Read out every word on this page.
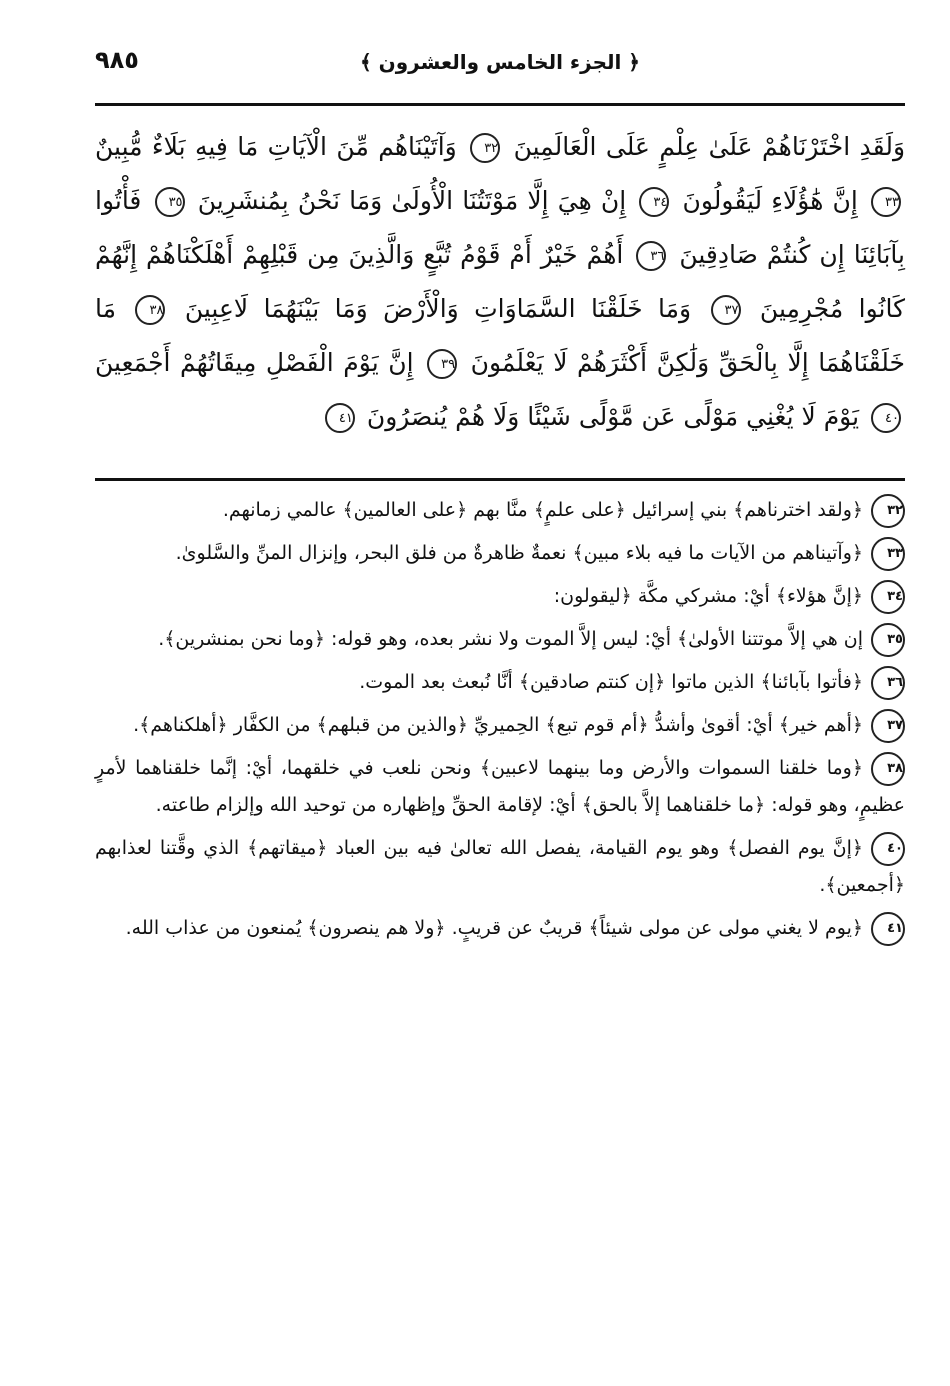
﴿ الجزء الخامس والعشرون ﴾
٩٨٥
وَلَقَدِ اخْتَرْنَاهُمْ عَلَىٰ عِلْمٍ عَلَى الْعَالَمِينَ ٣٢ وَآتَيْنَاهُم مِّنَ الْآيَاتِ مَا فِيهِ بَلَاءٌ مُّبِينٌ ٣٣ إِنَّ هَٰؤُلَاءِ لَيَقُولُونَ ٣٤ إِنْ هِيَ إِلَّا مَوْتَتُنَا الْأُولَىٰ وَمَا نَحْنُ بِمُنشَرِينَ ٣٥ فَأْتُوا بِآبَائِنَا إِن كُنتُمْ صَادِقِينَ ٣٦ أَهُمْ خَيْرٌ أَمْ قَوْمُ تُبَّعٍ وَالَّذِينَ مِن قَبْلِهِمْ أَهْلَكْنَاهُمْ إِنَّهُمْ كَانُوا مُجْرِمِينَ ٣٧ وَمَا خَلَقْنَا السَّمَاوَاتِ وَالْأَرْضَ وَمَا بَيْنَهُمَا لَاعِبِينَ ٣٨ مَا خَلَقْنَاهُمَا إِلَّا بِالْحَقِّ وَلَٰكِنَّ أَكْثَرَهُمْ لَا يَعْلَمُونَ ٣٩ إِنَّ يَوْمَ الْفَصْلِ مِيقَاتُهُمْ أَجْمَعِينَ ٤٠ يَوْمَ لَا يُغْنِي مَوْلًى عَن مَّوْلًى شَيْئًا وَلَا هُمْ يُنصَرُونَ ٤١

٣٢﴿ولقد اخترناهم﴾ بني إسرائيل ﴿على علمٍ﴾ منَّا بهم ﴿على العالمين﴾ عالمي زمانهم.

٣٣﴿وآتيناهم من الآيات ما فيه بلاء مبين﴾ نعمةٌ ظاهرةٌ من فلق البحر، وإنزال المنِّ والسَّلوىٰ.

٣٤﴿إنَّ هؤلاء﴾ أيْ: مشركي مكَّة ﴿ليقولون:

٣٥إن هي إلاَّ موتتنا الأولىٰ﴾ أيْ: ليس إلاَّ الموت ولا نشر بعده، وهو قوله: ﴿وما نحن بمنشرين﴾.

٣٦﴿فأتوا بآبائنا﴾ الذين ماتوا ﴿إن كنتم صادقين﴾ أنَّا نُبعث بعد الموت.

٣٧﴿أهم خير﴾ أيْ: أقوىٰ وأشدُّ ﴿أم قوم تبع﴾ الحِميريِّ ﴿والذين من قبلهم﴾ من الكفَّار ﴿أهلكناهم﴾.

٣٨﴿وما خلقنا السموات والأرض وما بينهما لاعبين﴾ ونحن نلعب في خلقهما، أيْ: إنَّما خلقناهما لأمرٍ عظيمٍ، وهو قوله: ﴿ما خلقناهما إلاَّ بالحق﴾ أيْ: لإقامة الحقِّ وإظهاره من توحيد الله وإلزام طاعته.

٤٠﴿إنَّ يوم الفصل﴾ وهو يوم القيامة، يفصل الله تعالىٰ فيه بين العباد ﴿ميقاتهم﴾ الذي وقَّتنا لعذابهم ﴿أجمعين﴾.

٤١﴿يوم لا يغني مولى عن مولى شيئاً﴾ قريبٌ عن قريبٍ. ﴿ولا هم ينصرون﴾ يُمنعون من عذاب الله.
